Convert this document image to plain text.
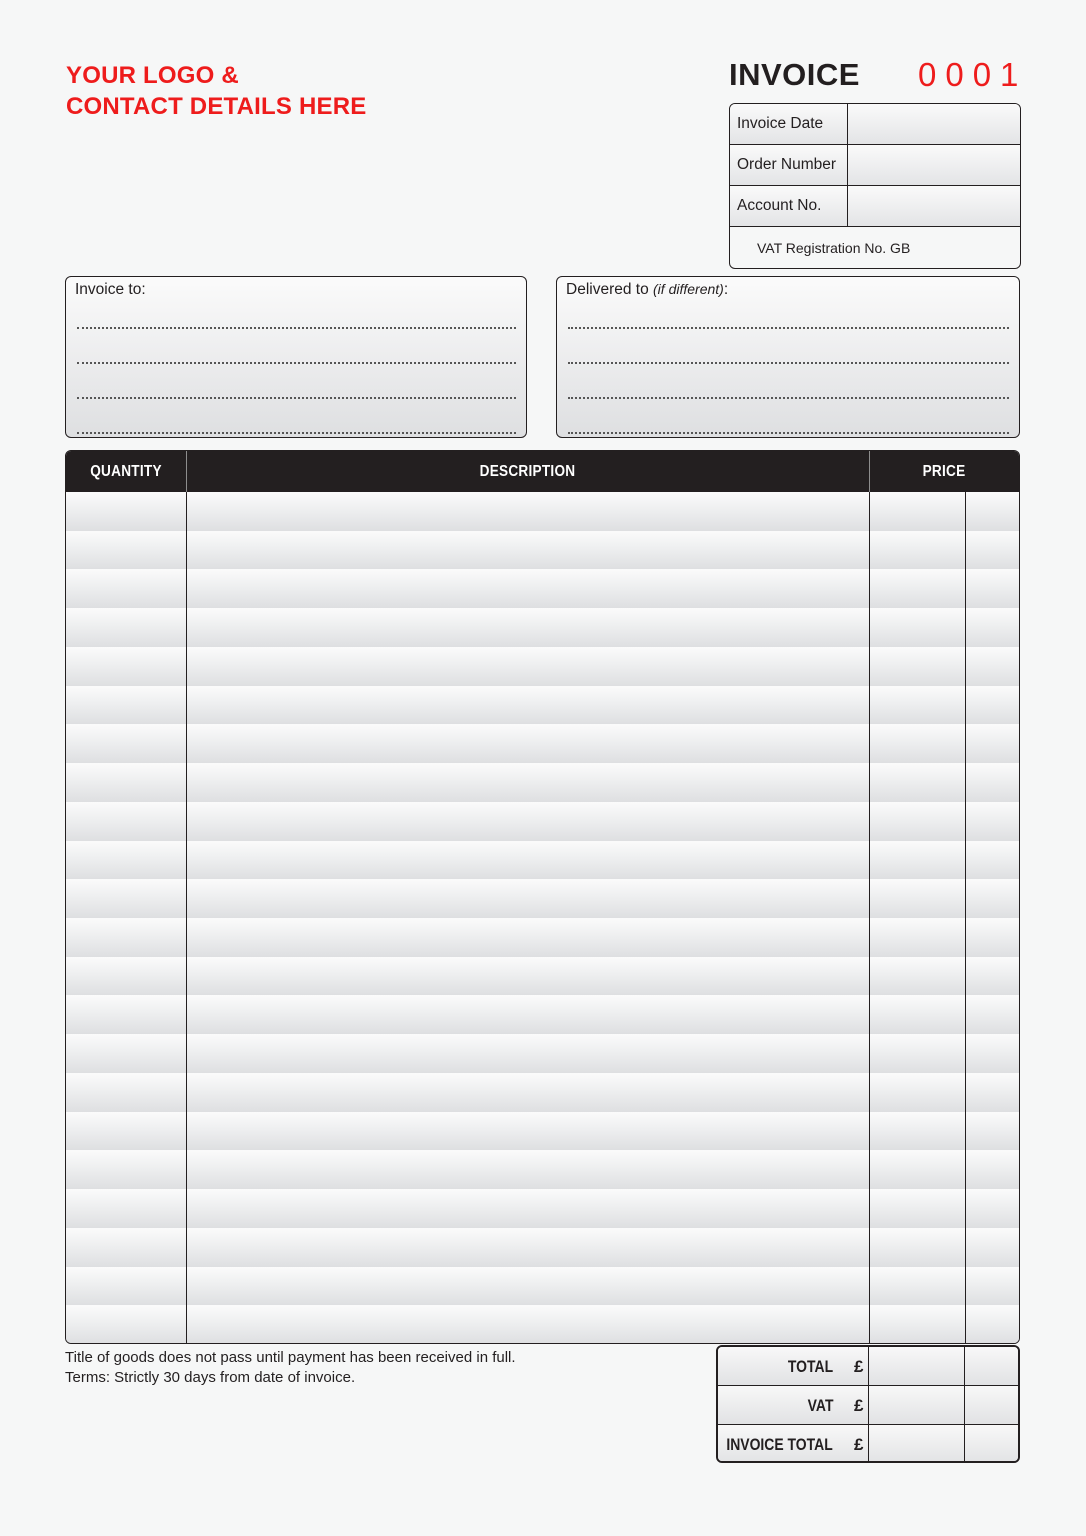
YOUR LOGO &
CONTACT DETAILS HERE
INVOICE 0001
Invoice Date
Order Number
Account No.
VAT Registration No. GB
Invoice to:	Delivered to (if different):
QUANTITY	DESCRIPTION	PRICE
Title of goods does not pass until payment has been received in full.
Terms: Strictly 30 days from date of invoice.
TOTAL £
VAT £
INVOICE TOTAL £
